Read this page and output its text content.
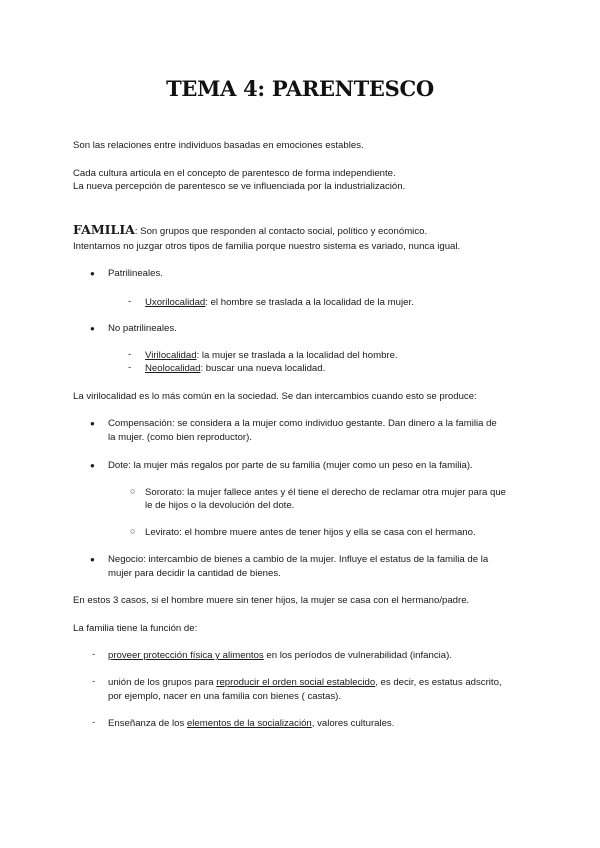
TEMA 4: PARENTESCO
Son las relaciones entre individuos basadas en emociones estables.
Cada cultura articula en el concepto de parentesco de forma independiente.
La nueva percepción de parentesco se ve influenciada por la industrialización.
FAMILIA: Son grupos que responden al contacto social, político y económico.
Intentamos no juzgar otros tipos de familia porque nuestro sistema es variado, nunca igual.
● Patrilineales.
- Uxorilocalidad: el hombre se traslada a la localidad de la mujer.
● No patrilineales.
- Virilocalidad: la mujer se traslada a la localidad del hombre.
- Neolocalidad: buscar una nueva localidad.
La virilocalidad es lo más común en la sociedad. Se dan intercambios cuando esto se produce:
● Compensación: se considera a la mujer como individuo gestante. Dan dinero a la familia de
la mujer. (como bien reproductor).
● Dote: la mujer más regalos por parte de su familia (mujer como un peso en la familia).
○ Sororato: la mujer fallece antes y él tiene el derecho de reclamar otra mujer para que
le de hijos o la devolución del dote.
○ Levirato: el hombre muere antes de tener hijos y ella se casa con el hermano.
● Negocio: intercambio de bienes a cambio de la mujer. Influye el estatus de la familia de la
mujer para decidir la cantidad de bienes.
En estos 3 casos, si el hombre muere sin tener hijos, la mujer se casa con el hermano/padre.
La familia tiene la función de:
- proveer protección física y alimentos en los períodos de vulnerabilidad (infancia).
- unión de los grupos para reproducir el orden social establecido, es decir, es estatus adscrito,
por ejemplo, nacer en una familia con bienes ( castas).
- Enseñanza de los elementos de la socialización, valores culturales.
